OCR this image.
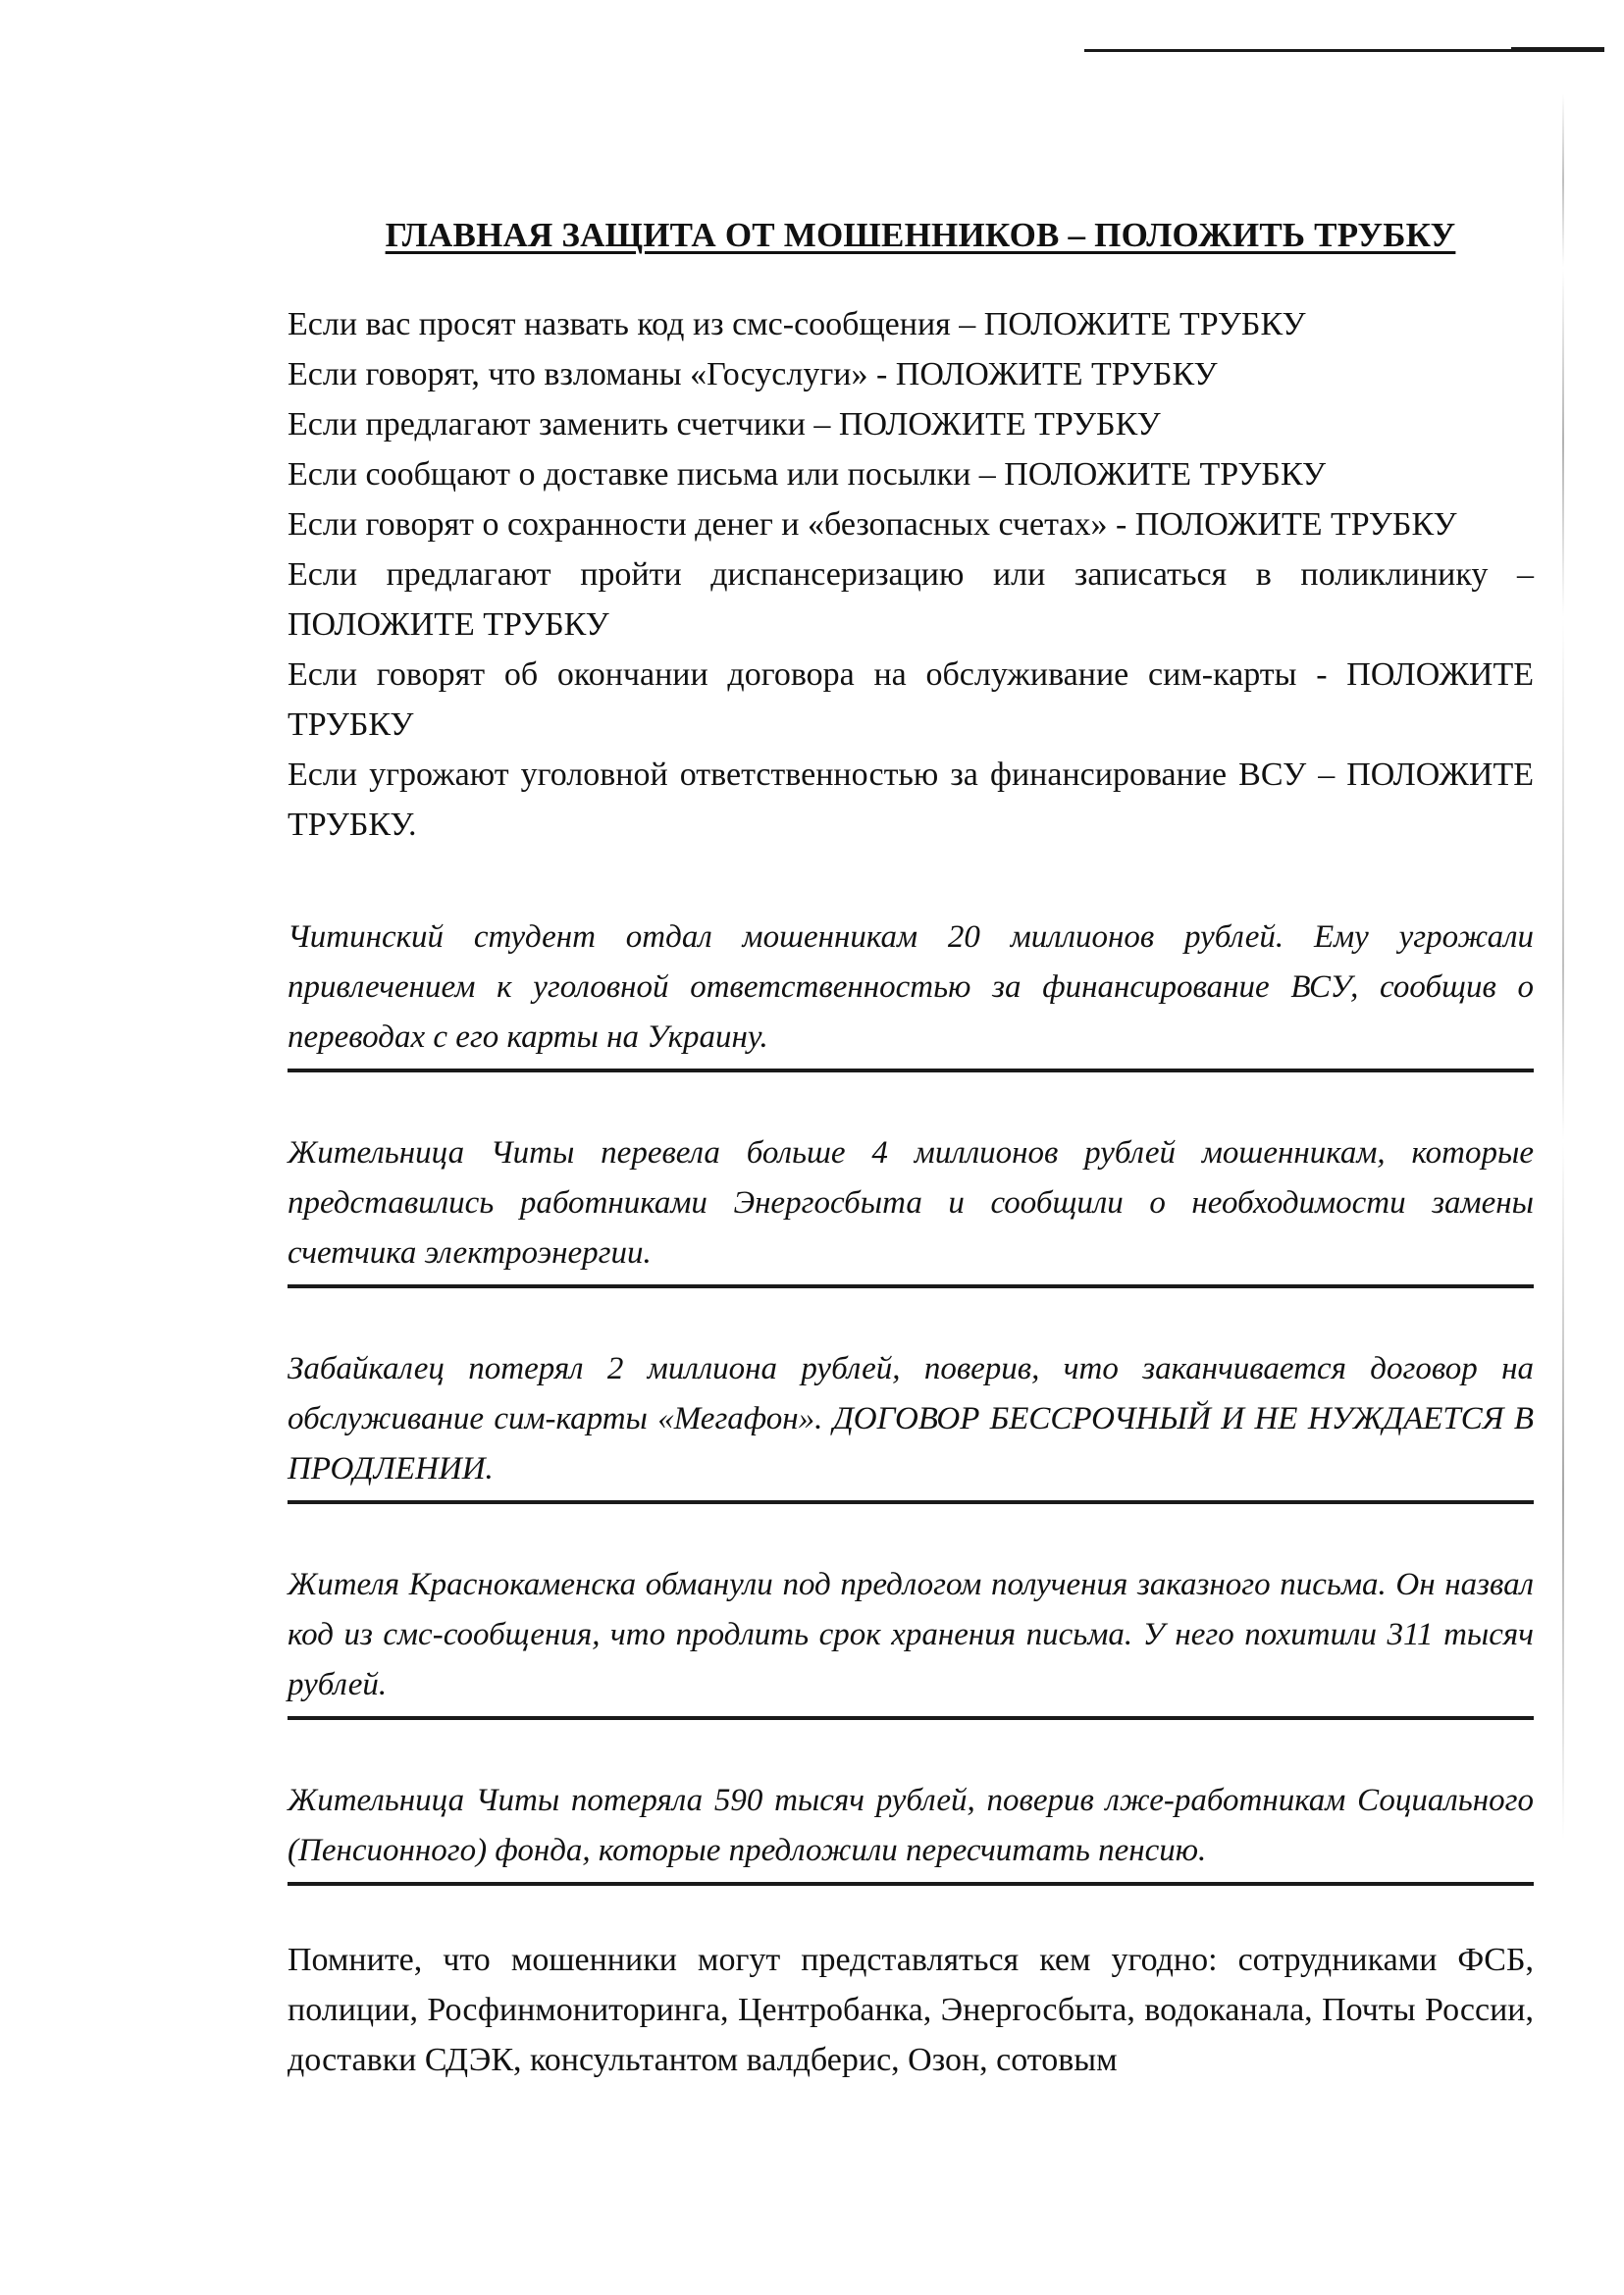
ГЛАВНАЯ ЗАЩИТА ОТ МОШЕННИКОВ – ПОЛОЖИТЬ ТРУБКУ
Если вас просят назвать код из смс-сообщения – ПОЛОЖИТЕ ТРУБКУ
Если говорят, что взломаны «Госуслуги» - ПОЛОЖИТЕ ТРУБКУ
Если предлагают заменить счетчики – ПОЛОЖИТЕ ТРУБКУ
Если сообщают о доставке письма или посылки – ПОЛОЖИТЕ ТРУБКУ
Если говорят о сохранности денег и «безопасных счетах» - ПОЛОЖИТЕ ТРУБКУ
Если предлагают пройти диспансеризацию или записаться в поликлинику – ПОЛОЖИТЕ ТРУБКУ
Если говорят об окончании договора на обслуживание сим-карты - ПОЛОЖИТЕ ТРУБКУ
Если угрожают уголовной ответственностью за финансирование ВСУ – ПОЛОЖИТЕ ТРУБКУ.

Читинский студент отдал мошенникам 20 миллионов рублей. Ему угрожали привлечением к уголовной ответственностью за финансирование ВСУ, сообщив о переводах с его карты на Украину.

Жительница Читы перевела больше 4 миллионов рублей мошенникам, которые представились работниками Энергосбыта и сообщили о необходимости замены счетчика электроэнергии.

Забайкалец потерял 2 миллиона рублей, поверив, что заканчивается договор на обслуживание сим-карты «Мегафон». ДОГОВОР БЕССРОЧНЫЙ И НЕ НУЖДАЕТСЯ В ПРОДЛЕНИИ.

Жителя Краснокаменска обманули под предлогом получения заказного письма. Он назвал код из смс-сообщения, что продлить срок хранения письма. У него похитили 311 тысяч рублей.

Жительница Читы потеряла 590 тысяч рублей, поверив лже-работникам Социального (Пенсионного) фонда, которые предложили пересчитать пенсию.

Помните, что мошенники могут представляться кем угодно: сотрудниками ФСБ, полиции, Росфинмониторинга, Центробанка, Энергосбыта, водоканала, Почты России, доставки СДЭК, консультантом валдберис, Озон, сотовым
